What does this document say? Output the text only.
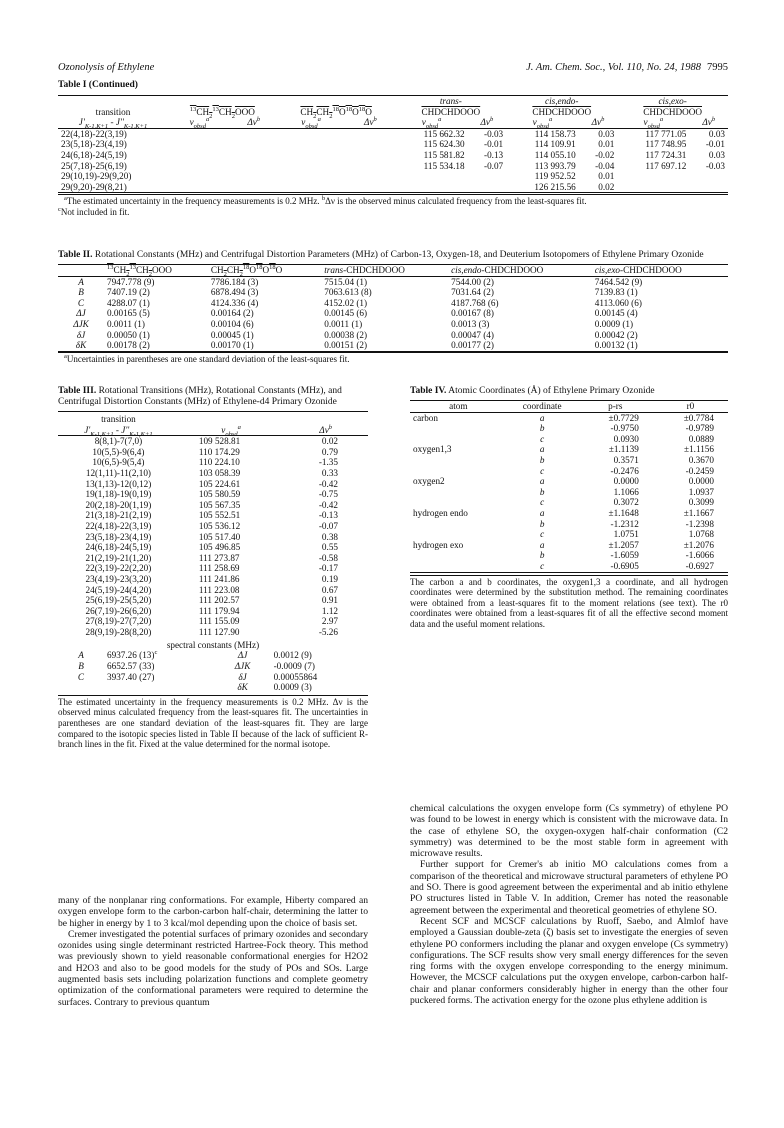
Ozonolysis of Ethylene	J. Am. Chem. Soc., Vol. 110, No. 24, 1988 7995
Table I (Continued)
					trans-		cis,endo-		cis,exo-	
transition	$^{13}CH_2^{13}CH_2OOO$		$CH_2CH_2^{18}O^{18}O^{18}O$		CHDCHDOOO		CHDCHDOOO		CHDCHDOOO	
$J'_{K-1,K+1} - J''_{K-1,K+1}$	$\nu_{obsd}^a$	$\Delta\nu^b$	$\nu_{obsd}^a$	$\Delta\nu^b$	$\nu_{obsd}^a$	$\Delta\nu^b$	$\nu_{obsd}^a$	$\Delta\nu^b$	$\nu_{obsd}^a$	$\Delta\nu^b$
22(4,18)-22(3,19)					115 662.32	-0.03	114 158.73	0.03	117 771.05	0.03
23(5,18)-23(4,19)					115 624.30	-0.01	114 109.91	0.01	117 748.95	-0.01
24(6,18)-24(5,19)					115 581.82	-0.13	114 055.10	-0.02	117 724.31	0.03
25(7,18)-25(6,19)					115 534.18	-0.07	113 993.79	-0.04	117 697.12	-0.03
29(10,19)-29(9,20)							119 952.52	0.01		
29(9,20)-29(8,21)							126 215.56	0.02		
$^a$The estimated uncertainty in the frequency measurements is 0.2 MHz. $^b$Δν is the observed minus calculated frequency from the least-squares fit.
$^c$Not included in fit.
Table II. Rotational Constants (MHz) and Centrifugal Distortion Parameters (MHz) of Carbon-13, Oxygen-18, and Deuterium Isotopomers of Ethylene Primary Ozonide
	$^{13}CH_2^{13}CH_2OOO$	$CH_2CH_2^{18}O^{18}O^{18}O$	trans-CHDCHDOOO	cis,endo-CHDCHDOOO	cis,exo-CHDCHDOOO
A	7947.778 (9)	7786.184 (3)	7515.04 (1)	7544.00 (2)	7464.542 (9)
B	7407.19 (2)	6878.494 (3)	7063.613 (8)	7031.64 (2)	7139.83 (1)
C	4288.07 (1)	4124.336 (4)	4152.02 (1)	4187.768 (6)	4113.060 (6)
ΔJ	0.00165 (5)	0.00164 (2)	0.00145 (6)	0.00167 (8)	0.00145 (4)
ΔJK	0.0011 (1)	0.00104 (6)	0.0011 (1)	0.0013 (3)	0.0009 (1)
δJ	0.00050 (1)	0.00045 (1)	0.00038 (2)	0.00047 (4)	0.00042 (2)
δK	0.00178 (2)	0.00170 (1)	0.00151 (2)	0.00177 (2)	0.00132 (1)
$^a$Uncertainties in parentheses are one standard deviation of the least-squares fit.
Table III. Rotational Transitions (MHz), Rotational Constants (MHz), and Centrifugal Distortion Constants (MHz) of Ethylene-d4 Primary Ozonide
transition		
$J'_{K-1,K+1} - J''_{K-1,K+1}$	$\nu_{obsd}^a$	$\Delta\nu^b$
8(8,1)-7(7,0)	109 528.81	0.02
10(5,5)-9(6,4)	110 174.29	0.79
10(6,5)-9(5,4)	110 224.10	-1.35
12(1,11)-11(2,10)	103 058.39	0.33
13(1,13)-12(0,12)	105 224.61	-0.42
19(1,18)-19(0,19)	105 580.59	-0.75
20(2,18)-20(1,19)	105 567.35	-0.42
21(3,18)-21(2,19)	105 552.51	-0.13
22(4,18)-22(3,19)	105 536.12	-0.07
23(5,18)-23(4,19)	105 517.40	0.38
24(6,18)-24(5,19)	105 496.85	0.55
21(2,19)-21(1,20)	111 273.87	-0.58
22(3,19)-22(2,20)	111 258.69	-0.17
23(4,19)-23(3,20)	111 241.86	0.19
24(5,19)-24(4,20)	111 223.08	0.67
25(6,19)-25(5,20)	111 202.57	0.91
26(7,19)-26(6,20)	111 179.94	1.12
27(8,19)-27(7,20)	111 155.09	2.97
28(9,19)-28(8,20)	111 127.90	-5.26
spectral constants (MHz)
A	6937.26 $(13)^c$	ΔJ	0.0012 (9)
B	6652.57 (33)	ΔJK	-0.0009 (7)
C	3937.40 (27)	δJ	0.00055864
		δK	0.0009 (3)
The estimated uncertainty in the frequency measurements is 0.2 MHz. Δν is the observed minus calculated frequency from the least-squares fit. The uncertainties in parentheses are one standard deviation of the least-squares fit. They are large compared to the isotopic species listed in Table II because of the lack of sufficient R-branch lines in the fit. Fixed at the value determined for the normal isotope.
Table IV. Atomic Coordinates (Å) of Ethylene Primary Ozonide
atom	coordinate	p-rs	r0
carbon	a	±0.7729	±0.7784
	b	-0.9750	-0.9789
	c	0.0930	0.0889
oxygen1,3	a	±1.1139	±1.1156
	b	0.3571	0.3670
	c	-0.2476	-0.2459
oxygen2	a	0.0000	0.0000
	b	1.1066	1.0937
	c	0.3072	0.3099
hydrogen endo	a	±1.1648	±1.1667
	b	-1.2312	-1.2398
	c	1.0751	1.0768
hydrogen exo	a	±1.2057	±1.2076
	b	-1.6059	-1.6066
	c	-0.6905	-0.6927
The carbon a and b coordinates, the oxygen1,3 a coordinate, and all hydrogen coordinates were determined by the substitution method. The remaining coordinates were obtained from a least-squares fit to the moment relations (see text). The r0 coordinates were obtained from a least-squares fit of all the effective second moment data and the useful moment relations.

many of the nonplanar ring conformations. For example, Hiberty compared an oxygen envelope form to the carbon-carbon half-chair, determining the latter to be higher in energy by 1 to 3 kcal/mol depending upon the choice of basis set.

Cremer investigated the potential surfaces of primary ozonides and secondary ozonides using single determinant restricted Hartree-Fock theory. This method was previously shown to yield reasonable conformational energies for H2O2 and H2O3 and also to be good models for the study of POs and SOs. Large augmented basis sets including polarization functions and complete geometry optimization of the conformational parameters were required to determine the surfaces. Contrary to previous quantum

chemical calculations the oxygen envelope form (Cs symmetry) of ethylene PO was found to be lowest in energy which is consistent with the microwave data. In the case of ethylene SO, the oxygen-oxygen half-chair conformation (C2 symmetry) was determined to be the most stable form in agreement with microwave results.

Further support for Cremer's ab initio MO calculations comes from a comparison of the theoretical and microwave structural parameters of ethylene PO and SO. There is good agreement between the experimental and ab initio ethylene PO structures listed in Table V. In addition, Cremer has noted the reasonable agreement between the experimental and theoretical geometries of ethylene SO.

Recent SCF and MCSCF calculations by Ruoff, Saebo, and Almlof have employed a Gaussian double-zeta (ζ) basis set to investigate the energies of seven ethylene PO conformers including the planar and oxygen envelope (Cs symmetry) configurations. The SCF results show very small energy differences for the seven ring forms with the oxygen envelope corresponding to the energy minimum. However, the MCSCF calculations put the oxygen envelope, carbon-carbon half-chair and planar conformers considerably higher in energy than the other four puckered forms. The activation energy for the ozone plus ethylene addition is
